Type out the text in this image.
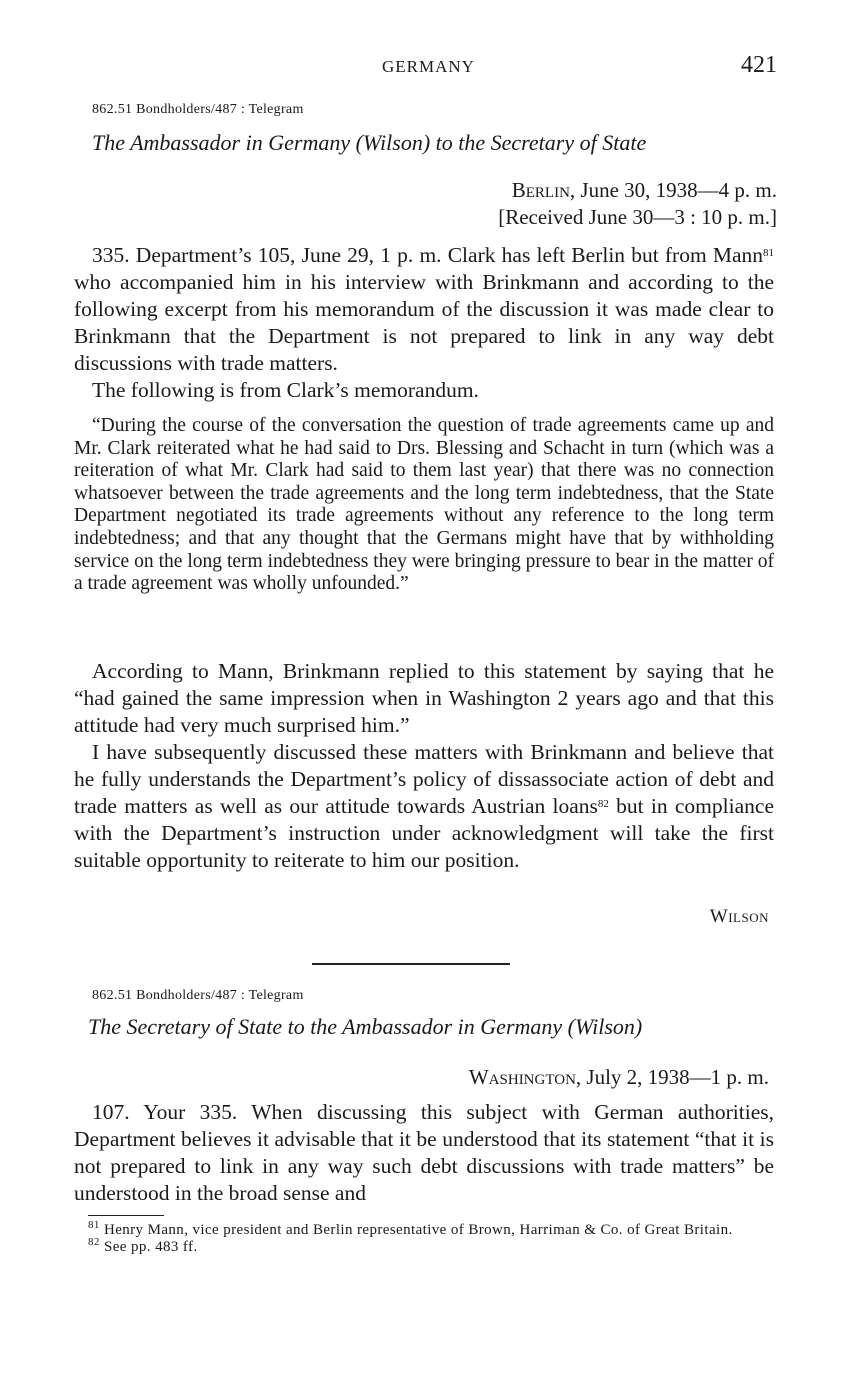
GERMANY	421
862.51 Bondholders/487 : Telegram
The Ambassador in Germany (Wilson) to the Secretary of State
Berlin, June 30, 1938—4 p. m.
[Received June 30—3 : 10 p. m.]

335. Department’s 105, June 29, 1 p. m. Clark has left Berlin but from Mann$^{81}$ who accompanied him in his interview with Brinkmann and according to the following excerpt from his memorandum of the discussion it was made clear to Brinkmann that the Department is not prepared to link in any way debt discussions with trade matters.

The following is from Clark’s memorandum.

“During the course of the conversation the question of trade agreements came up and Mr. Clark reiterated what he had said to Drs. Blessing and Schacht in turn (which was a reiteration of what Mr. Clark had said to them last year) that there was no connection whatsoever between the trade agreements and the long term indebtedness, that the State Department negotiated its trade agreements without any reference to the long term indebtedness; and that any thought that the Germans might have that by withholding service on the long term indebtedness they were bringing pressure to bear in the matter of a trade agreement was wholly unfounded.”

According to Mann, Brinkmann replied to this statement by saying that he “had gained the same impression when in Washington 2 years ago and that this attitude had very much surprised him.”

I have subsequently discussed these matters with Brinkmann and believe that he fully understands the Department’s policy of dissassociate action of debt and trade matters as well as our attitude towards Austrian loans$^{82}$ but in compliance with the Department’s instruction under acknowledgment will take the first suitable opportunity to reiterate to him our position.

Wilson
862.51 Bondholders/487 : Telegram
The Secretary of State to the Ambassador in Germany (Wilson)
Washington, July 2, 1938—1 p. m.

107. Your 335. When discussing this subject with German authorities, Department believes it advisable that it be understood that its statement “that it is not prepared to link in any way such debt discussions with trade matters” be understood in the broad sense and

$^{81}$ Henry Mann, vice president and Berlin representative of Brown, Harriman & Co. of Great Britain.

$^{82}$ See pp. 483 ff.
